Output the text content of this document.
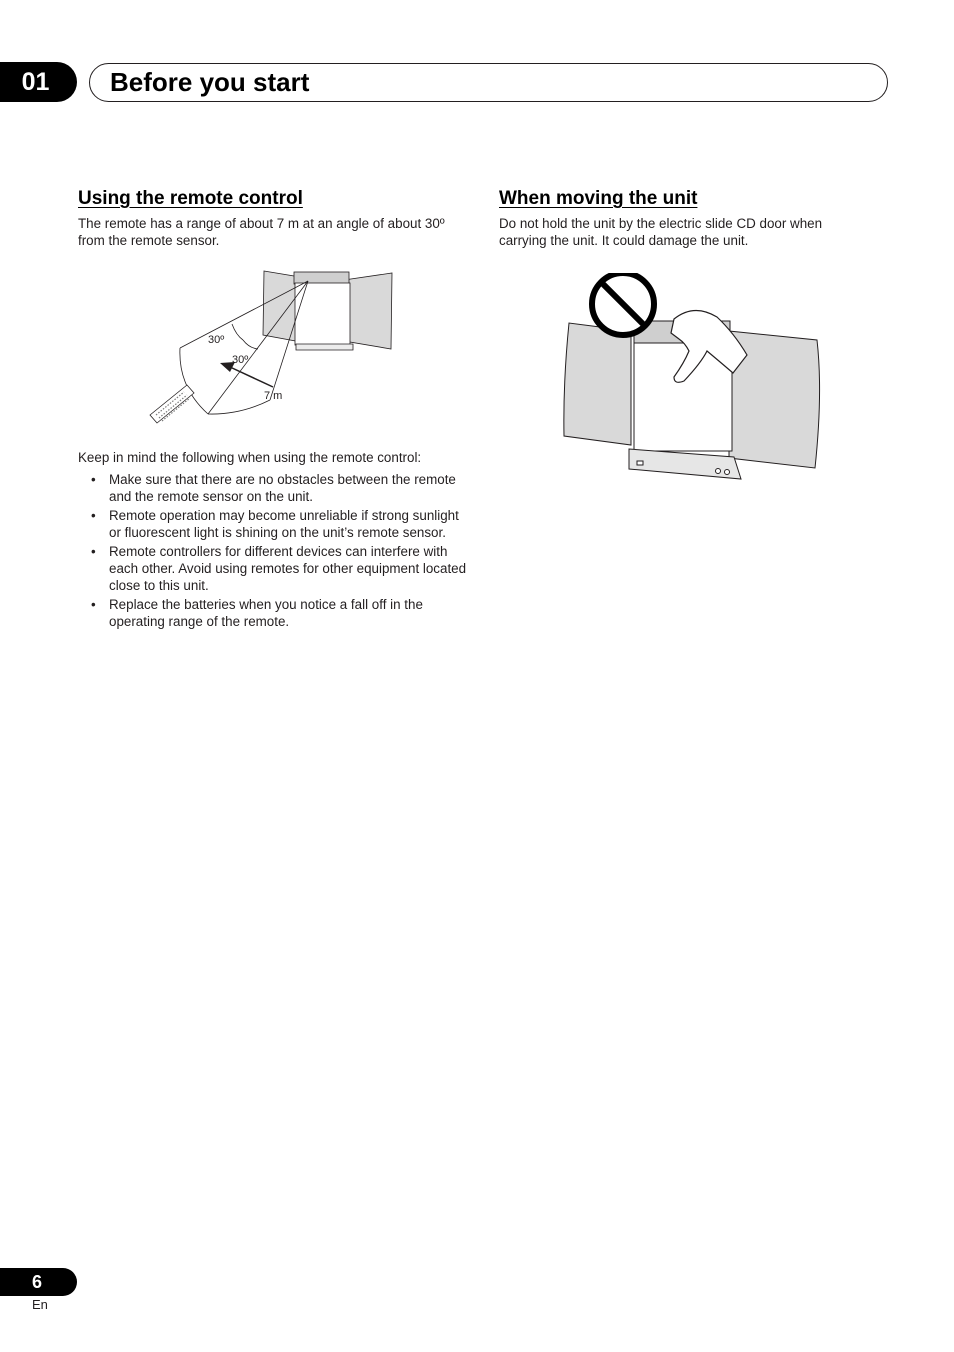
01	Before you start
Using the remote control

The remote has a range of about 7 m at an angle of about 30º from the remote sensor.

30º
30º
7 m

Keep in mind the following when using the remote control:

• Make sure that there are no obstacles between the remote and the remote sensor on the unit.
• Remote operation may become unreliable if strong sunlight or fluorescent light is shining on the unit’s remote sensor.
• Remote controllers for different devices can interfere with each other. Avoid using remotes for other equipment located close to this unit.
• Replace the batteries when you notice a fall off in the operating range of the remote.
When moving the unit

Do not hold the unit by the electric slide CD door when carrying the unit. It could damage the unit.

6
En
